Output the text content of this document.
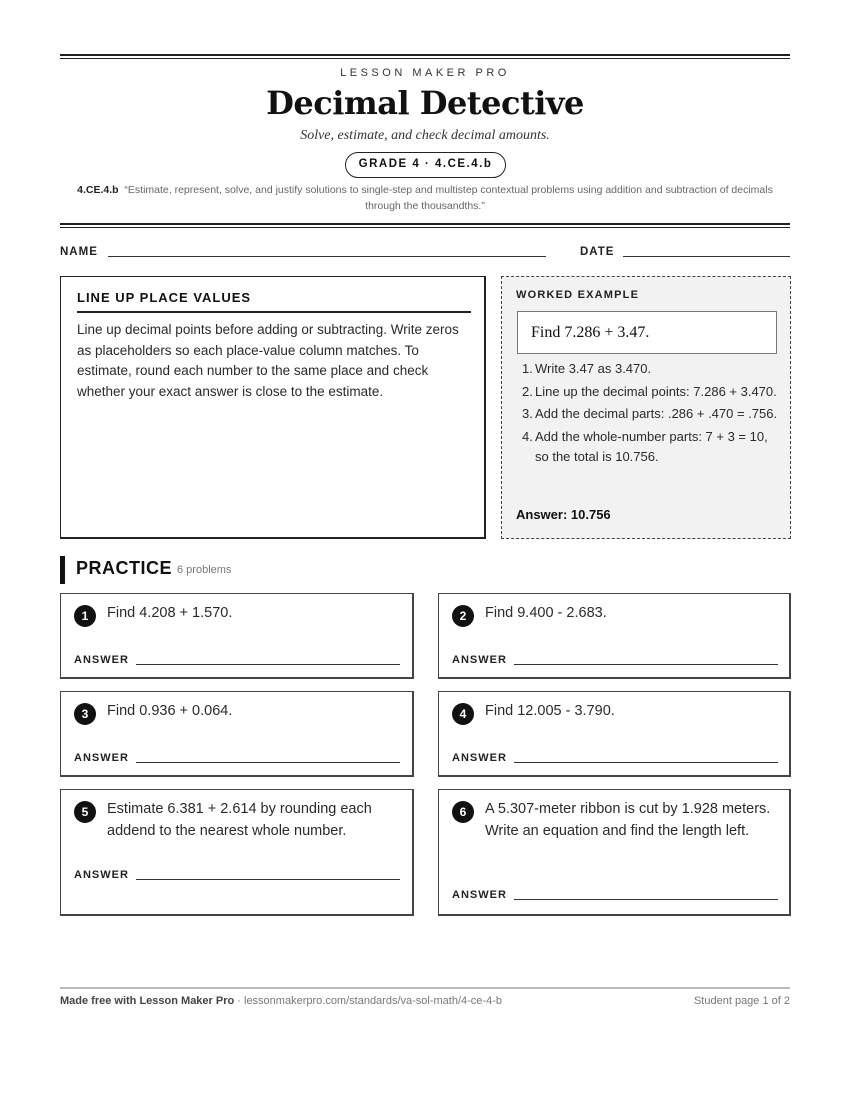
LESSON MAKER PRO
Decimal Detective
Solve, estimate, and check decimal amounts.
GRADE 4 · 4.CE.4.b
4.CE.4.b “Estimate, represent, solve, and justify solutions to single-step and multistep contextual problems using addition and subtraction of decimals through the thousandths.”
NAME	DATE
LINE UP PLACE VALUES
Line up decimal points before adding or subtracting. Write zeros as placeholders so each place-value column matches. To estimate, round each number to the same place and check whether your exact answer is close to the estimate.
WORKED EXAMPLE
Find 7.286 + 3.47.
1. Write 3.47 as 3.470.
2. Line up the decimal points: 7.286 + 3.470.
3. Add the decimal parts: .286 + .470 = .756.
4. Add the whole-number parts: 7 + 3 = 10, so the total is 10.756.
Answer: 10.756
PRACTICE 6 problems
1	Find 4.208 + 1.570.
ANSWER
2	Find 9.400 - 2.683.
ANSWER
3	Find 0.936 + 0.064.
ANSWER
4	Find 12.005 - 3.790.
ANSWER
5	Estimate 6.381 + 2.614 by rounding each addend to the nearest whole number.
ANSWER
6	A 5.307-meter ribbon is cut by 1.928 meters. Write an equation and find the length left.
ANSWER
Made free with Lesson Maker Pro · lessonmakerpro.com/standards/va-sol-math/4-ce-4-b	Student page 1 of 2
